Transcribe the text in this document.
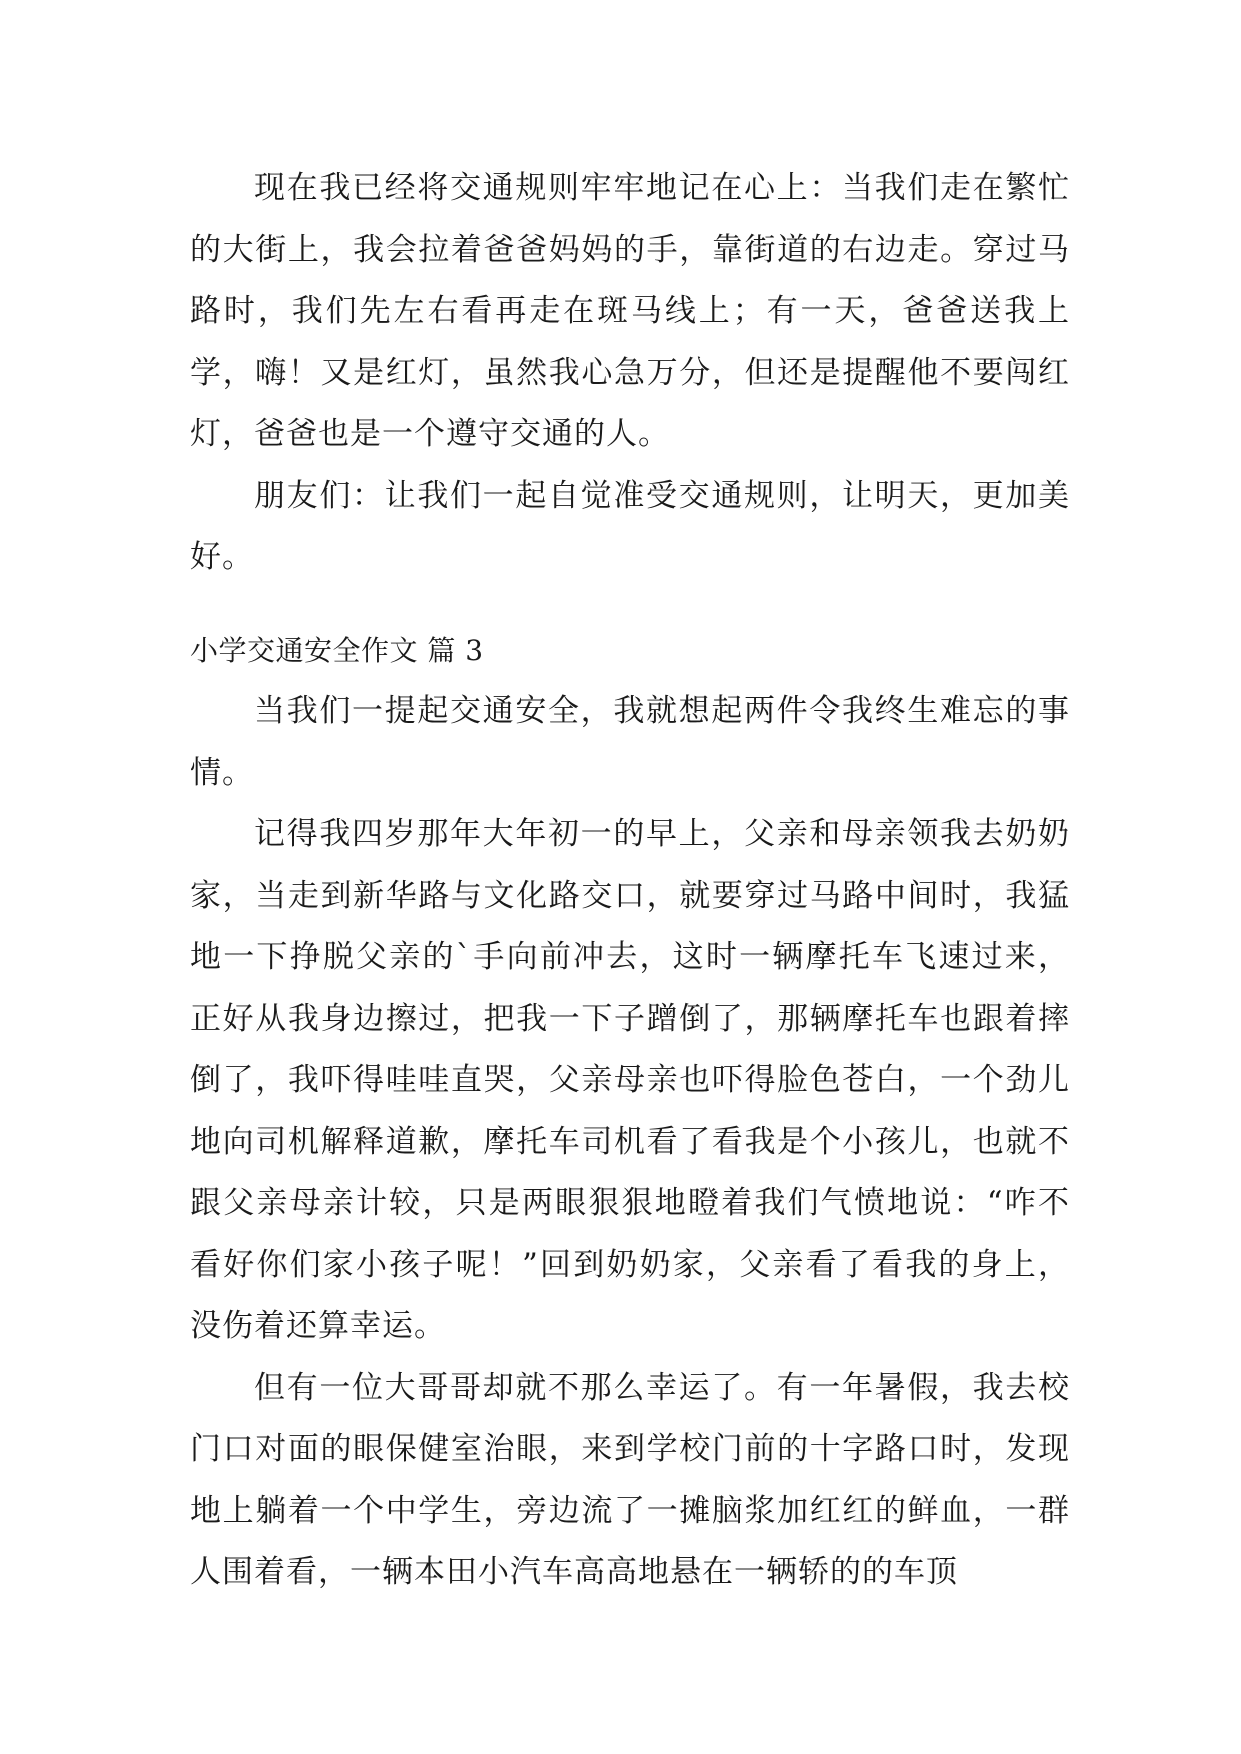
现在我已经将交通规则牢牢地记在心上：当我们走在繁忙的大街上，我会拉着爸爸妈妈的手，靠街道的右边走。穿过马路时，我们先左右看再走在斑马线上；有一天，爸爸送我上学，嗨！又是红灯，虽然我心急万分，但还是提醒他不要闯红灯，爸爸也是一个遵守交通的人。

朋友们：让我们一起自觉准受交通规则，让明天，更加美好。

小学交通安全作文 篇 3

当我们一提起交通安全，我就想起两件令我终生难忘的事情。

记得我四岁那年大年初一的早上，父亲和母亲领我去奶奶家，当走到新华路与文化路交口，就要穿过马路中间时，我猛地一下挣脱父亲的`手向前冲去，这时一辆摩托车飞速过来，正好从我身边擦过，把我一下子蹭倒了，那辆摩托车也跟着摔倒了，我吓得哇哇直哭，父亲母亲也吓得脸色苍白，一个劲儿地向司机解释道歉，摩托车司机看了看我是个小孩儿，也就不跟父亲母亲计较，只是两眼狠狠地瞪着我们气愤地说：“咋不看好你们家小孩子呢！”回到奶奶家，父亲看了看我的身上，没伤着还算幸运。

但有一位大哥哥却就不那么幸运了。有一年暑假，我去校门口对面的眼保健室治眼，来到学校门前的十字路口时，发现地上躺着一个中学生，旁边流了一摊脑浆加红红的鲜血，一群人围着看，一辆本田小汽车高高地悬在一辆轿的的车顶
